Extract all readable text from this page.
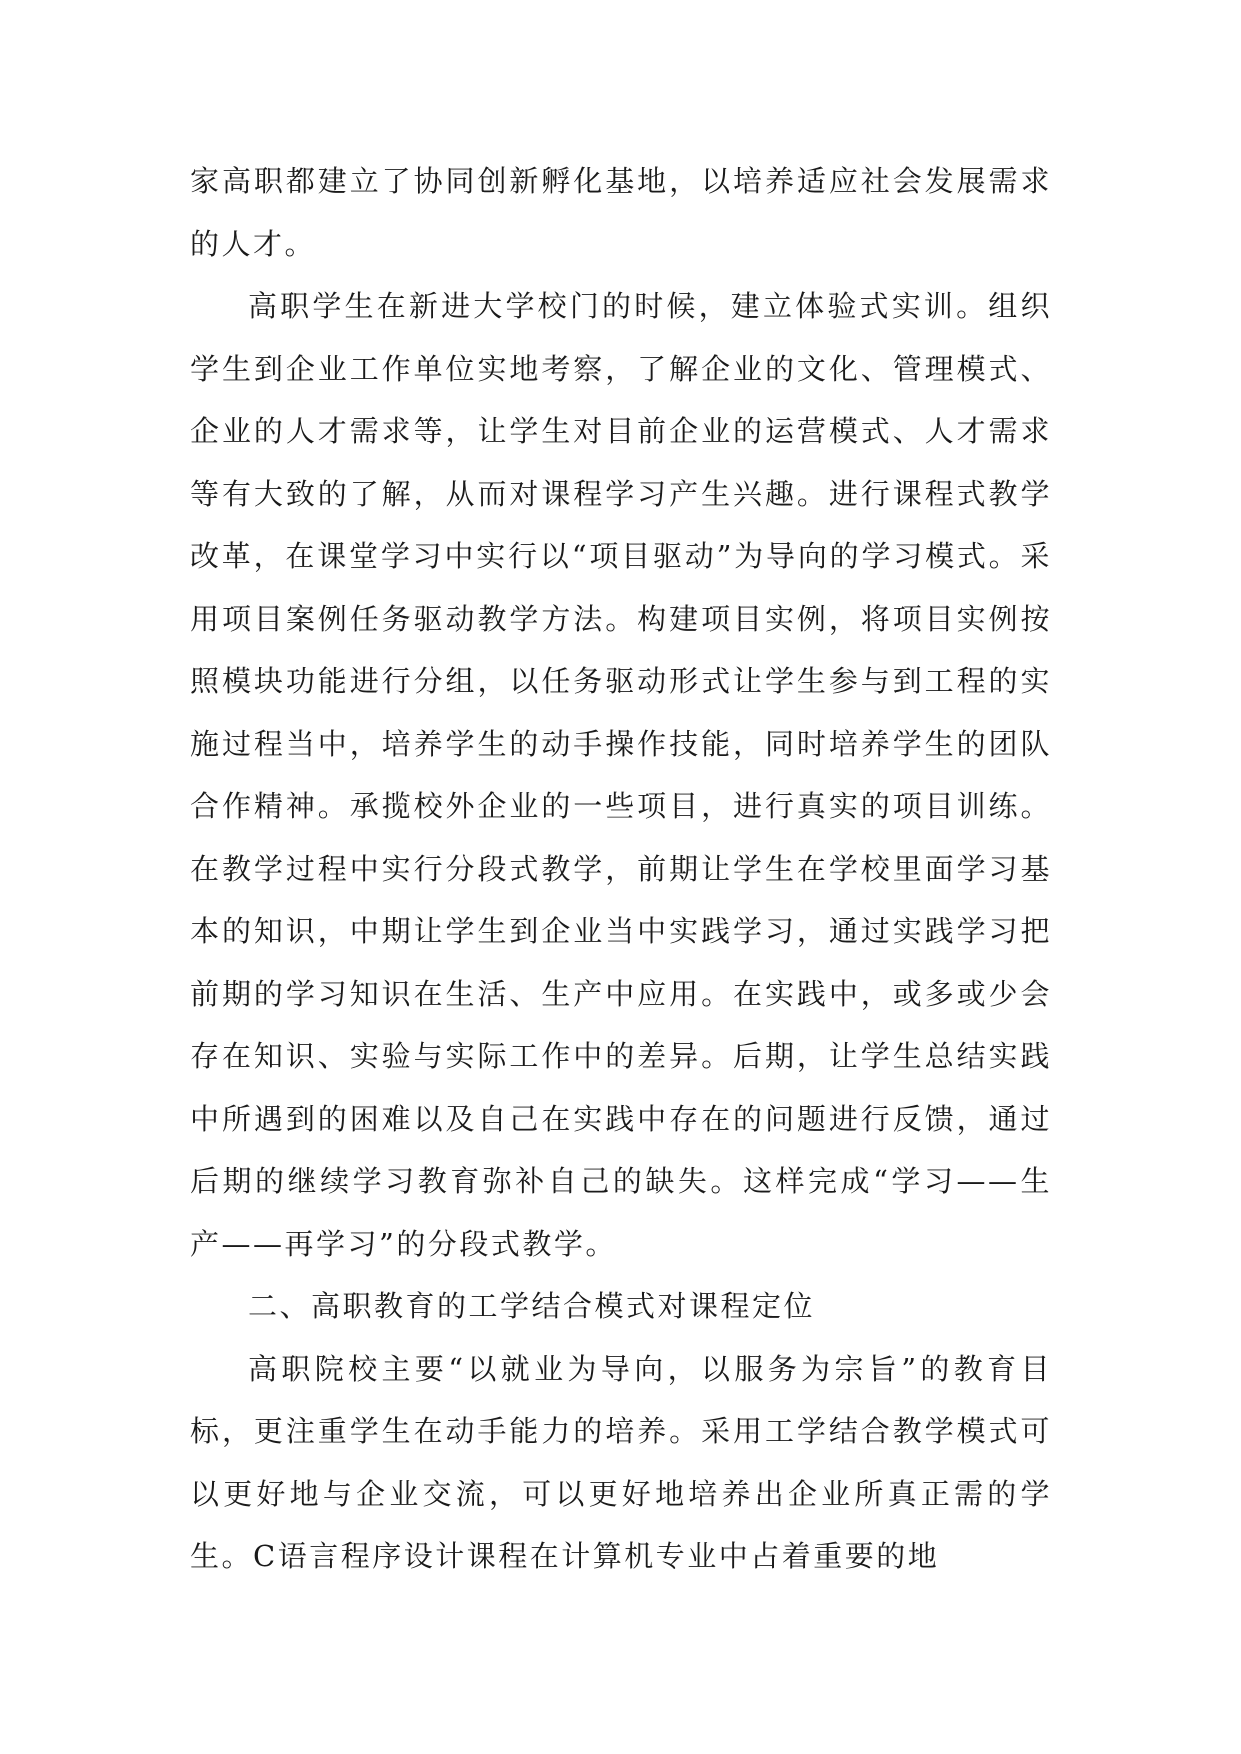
家高职都建立了协同创新孵化基地，以培养适应社会发展需求的人才。

高职学生在新进大学校门的时候，建立体验式实训。组织学生到企业工作单位实地考察，了解企业的文化、管理模式、企业的人才需求等，让学生对目前企业的运营模式、人才需求等有大致的了解，从而对课程学习产生兴趣。进行课程式教学改革，在课堂学习中实行以“项目驱动”为导向的学习模式。采用项目案例任务驱动教学方法。构建项目实例，将项目实例按照模块功能进行分组，以任务驱动形式让学生参与到工程的实施过程当中，培养学生的动手操作技能，同时培养学生的团队合作精神。承揽校外企业的一些项目，进行真实的项目训练。在教学过程中实行分段式教学，前期让学生在学校里面学习基本的知识，中期让学生到企业当中实践学习，通过实践学习把前期的学习知识在生活、生产中应用。在实践中，或多或少会存在知识、实验与实际工作中的差异。后期，让学生总结实践中所遇到的困难以及自己在实践中存在的问题进行反馈，通过后期的继续学习教育弥补自己的缺失。这样完成“学习——生产——再学习”的分段式教学。

二、高职教育的工学结合模式对课程定位

高职院校主要“以就业为导向，以服务为宗旨”的教育目标，更注重学生在动手能力的培养。采用工学结合教学模式可以更好地与企业交流，可以更好地培养出企业所真正需的学生。C语言程序设计课程在计算机专业中占着重要的地
